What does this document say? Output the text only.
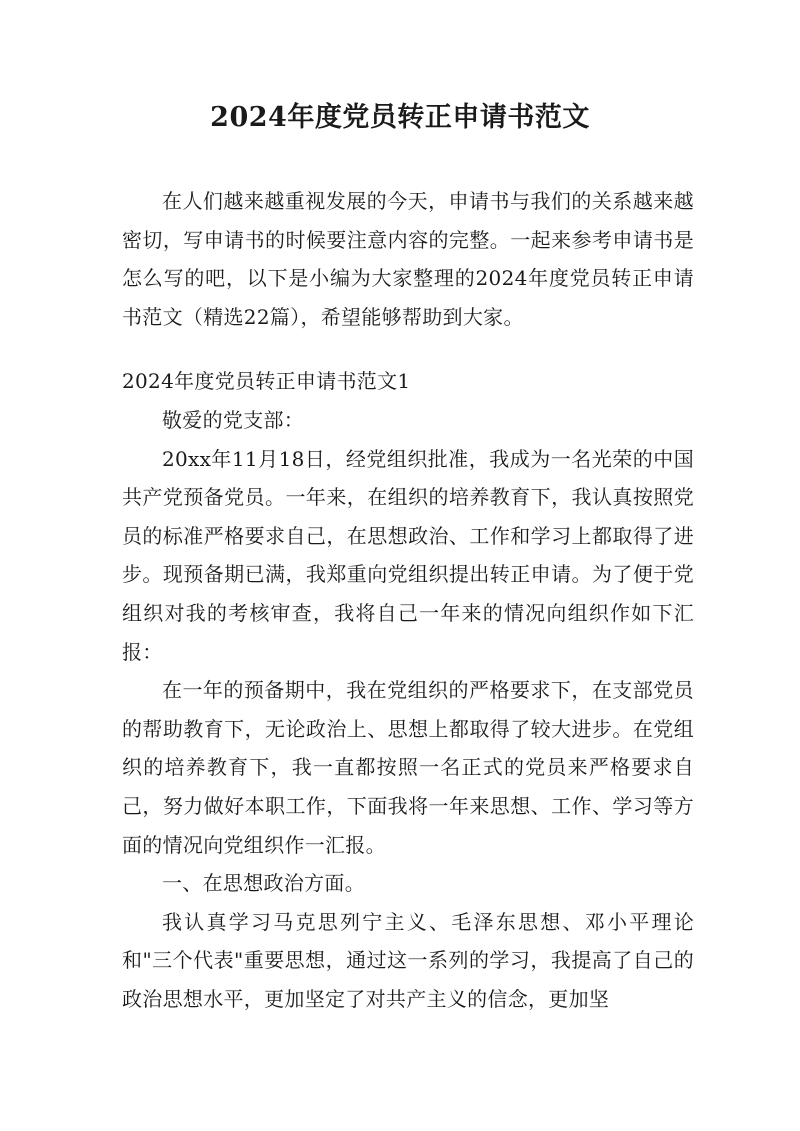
2024年度党员转正申请书范文

在人们越来越重视发展的今天，申请书与我们的关系越来越密切，写申请书的时候要注意内容的完整。一起来参考申请书是怎么写的吧，以下是小编为大家整理的2024年度党员转正申请书范文（精选22篇），希望能够帮助到大家。

2024年度党员转正申请书范文1

敬爱的党支部：

20xx年11月18日，经党组织批准，我成为一名光荣的中国共产党预备党员。一年来，在组织的培养教育下，我认真按照党员的标准严格要求自己，在思想政治、工作和学习上都取得了进步。现预备期已满，我郑重向党组织提出转正申请。为了便于党组织对我的考核审查，我将自己一年来的情况向组织作如下汇报：

在一年的预备期中，我在党组织的严格要求下，在支部党员的帮助教育下，无论政治上、思想上都取得了较大进步。在党组织的培养教育下，我一直都按照一名正式的党员来严格要求自己，努力做好本职工作，下面我将一年来思想、工作、学习等方面的情况向党组织作一汇报。

一、在思想政治方面。

我认真学习马克思列宁主义、毛泽东思想、邓小平理论和"三个代表"重要思想，通过这一系列的学习，我提高了自己的政治思想水平，更加坚定了对共产主义的信念，更加坚
